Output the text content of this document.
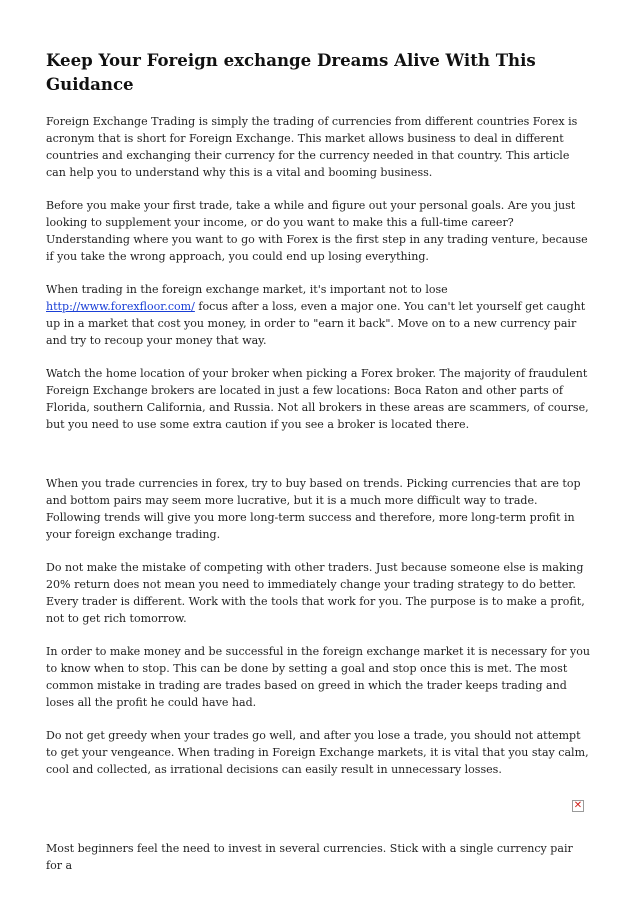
Keep Your Foreign exchange Dreams Alive With This Guidance

Foreign Exchange Trading is simply the trading of currencies from different countries Forex is acronym that is short for Foreign Exchange. This market allows business to deal in different countries and exchanging their currency for the currency needed in that country. This article can help you to understand why this is a vital and booming business.

Before you make your first trade, take a while and figure out your personal goals. Are you just looking to supplement your income, or do you want to make this a full-time career? Understanding where you want to go with Forex is the first step in any trading venture, because if you take the wrong approach, you could end up losing everything.

When trading in the foreign exchange market, it's important not to lose http://www.forexfloor.com/ focus after a loss, even a major one. You can't let yourself get caught up in a market that cost you money, in order to "earn it back". Move on to a new currency pair and try to recoup your money that way.

Watch the home location of your broker when picking a Forex broker. The majority of fraudulent Foreign Exchange brokers are located in just a few locations: Boca Raton and other parts of Florida, southern California, and Russia. Not all brokers in these areas are scammers, of course, but you need to use some extra caution if you see a broker is located there.

When you trade currencies in forex, try to buy based on trends. Picking currencies that are top and bottom pairs may seem more lucrative, but it is a much more difficult way to trade. Following trends will give you more long-term success and therefore, more long-term profit in your foreign exchange trading.

Do not make the mistake of competing with other traders. Just because someone else is making 20% return does not mean you need to immediately change your trading strategy to do better. Every trader is different. Work with the tools that work for you. The purpose is to make a profit, not to get rich tomorrow.

In order to make money and be successful in the foreign exchange market it is necessary for you to know when to stop. This can be done by setting a goal and stop once this is met. The most common mistake in trading are trades based on greed in which the trader keeps trading and loses all the profit he could have had.

Do not get greedy when your trades go well, and after you lose a trade, you should not attempt to get your vengeance. When trading in Foreign Exchange markets, it is vital that you stay calm, cool and collected, as irrational decisions can easily result in unnecessary losses.

✕

Most beginners feel the need to invest in several currencies. Stick with a single currency pair for a
